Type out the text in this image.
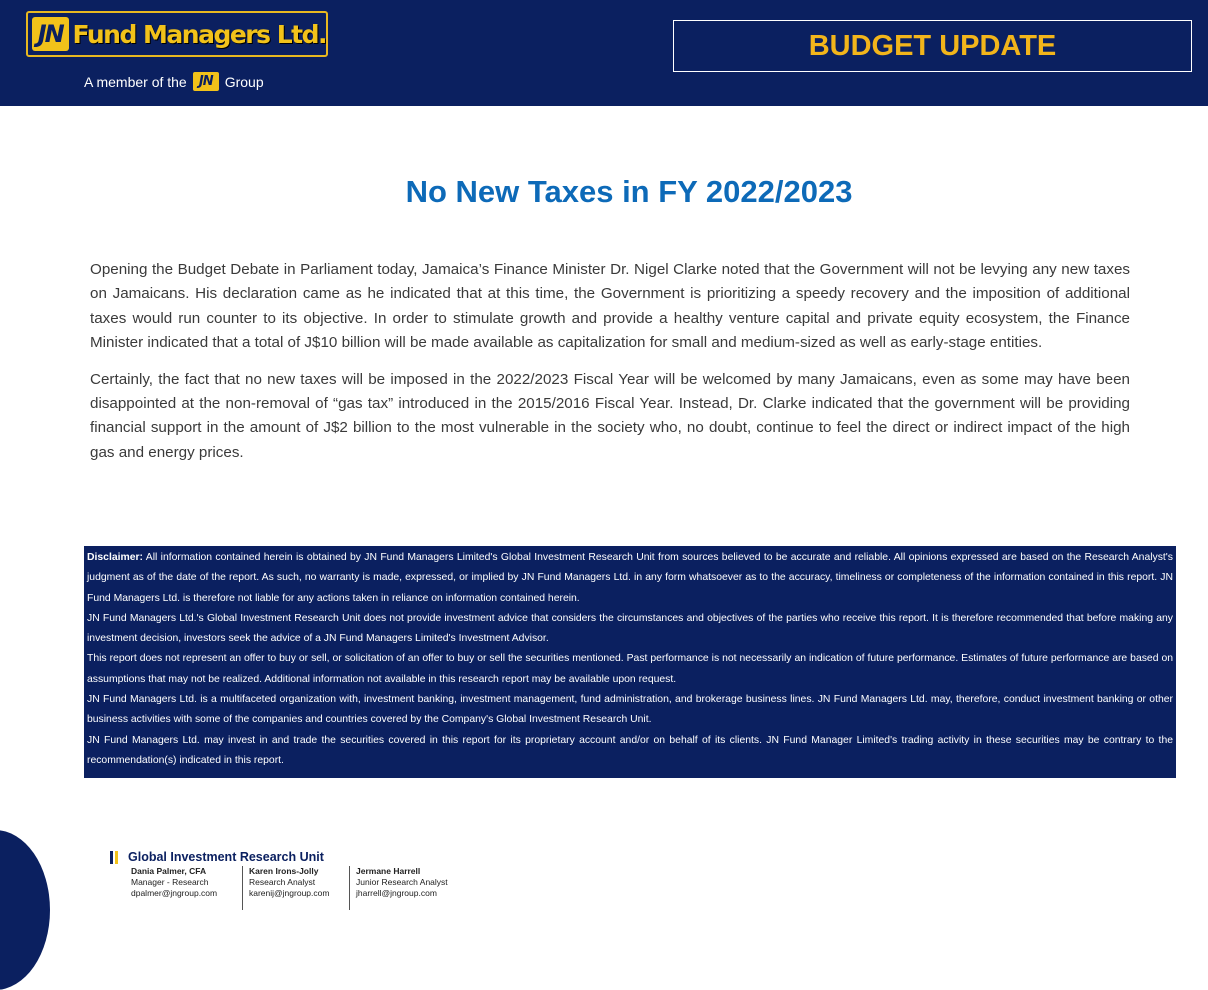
JN Fund Managers Ltd.
A member of the JN Group
BUDGET UPDATE
No New Taxes in FY 2022/2023

Opening the Budget Debate in Parliament today, Jamaica’s Finance Minister Dr. Nigel Clarke noted that the Government will not be levying any new taxes on Jamaicans. His declaration came as he indicated that at this time, the Government is prioritizing a speedy recovery and the imposition of additional taxes would run counter to its objective. In order to stimulate growth and provide a healthy venture capital and private equity ecosystem, the Finance Minister indicated that a total of J$10 billion will be made available as capitalization for small and medium-sized as well as early-stage entities.

Certainly, the fact that no new taxes will be imposed in the 2022/2023 Fiscal Year will be welcomed by many Jamaicans, even as some may have been disappointed at the non-removal of “gas tax” introduced in the 2015/2016 Fiscal Year. Instead, Dr. Clarke indicated that the government will be providing financial support in the amount of J$2 billion to the most vulnerable in the society who, no doubt, continue to feel the direct or indirect impact of the high gas and energy prices.

Disclaimer: All information contained herein is obtained by JN Fund Managers Limited's Global Investment Research Unit from sources believed to be accurate and reliable. All opinions expressed are based on the Research Analyst's judgment as of the date of the report. As such, no warranty is made, expressed, or implied by JN Fund Managers Ltd. in any form whatsoever as to the accuracy, timeliness or completeness of the information contained in this report. JN Fund Managers Ltd. is therefore not liable for any actions taken in reliance on information contained herein.

JN Fund Managers Ltd.'s Global Investment Research Unit does not provide investment advice that considers the circumstances and objectives of the parties who receive this report. It is therefore recommended that before making any investment decision, investors seek the advice of a JN Fund Managers Limited's Investment Advisor.

This report does not represent an offer to buy or sell, or solicitation of an offer to buy or sell the securities mentioned. Past performance is not necessarily an indication of future performance. Estimates of future performance are based on assumptions that may not be realized. Additional information not available in this research report may be available upon request.

JN Fund Managers Ltd. is a multifaceted organization with, investment banking, investment management, fund administration, and brokerage business lines. JN Fund Managers Ltd. may, therefore, conduct investment banking or other business activities with some of the companies and countries covered by the Company's Global Investment Research Unit.

JN Fund Managers Ltd. may invest in and trade the securities covered in this report for its proprietary account and/or on behalf of its clients. JN Fund Manager Limited's trading activity in these securities may be contrary to the recommendation(s) indicated in this report.

Global Investment Research Unit
Dania Palmer, CFA
Manager - Research
dpalmer@jngroup.com
Karen Irons-Jolly
Research Analyst
karenij@jngroup.com
Jermane Harrell
Junior Research Analyst
jharrell@jngroup.com
